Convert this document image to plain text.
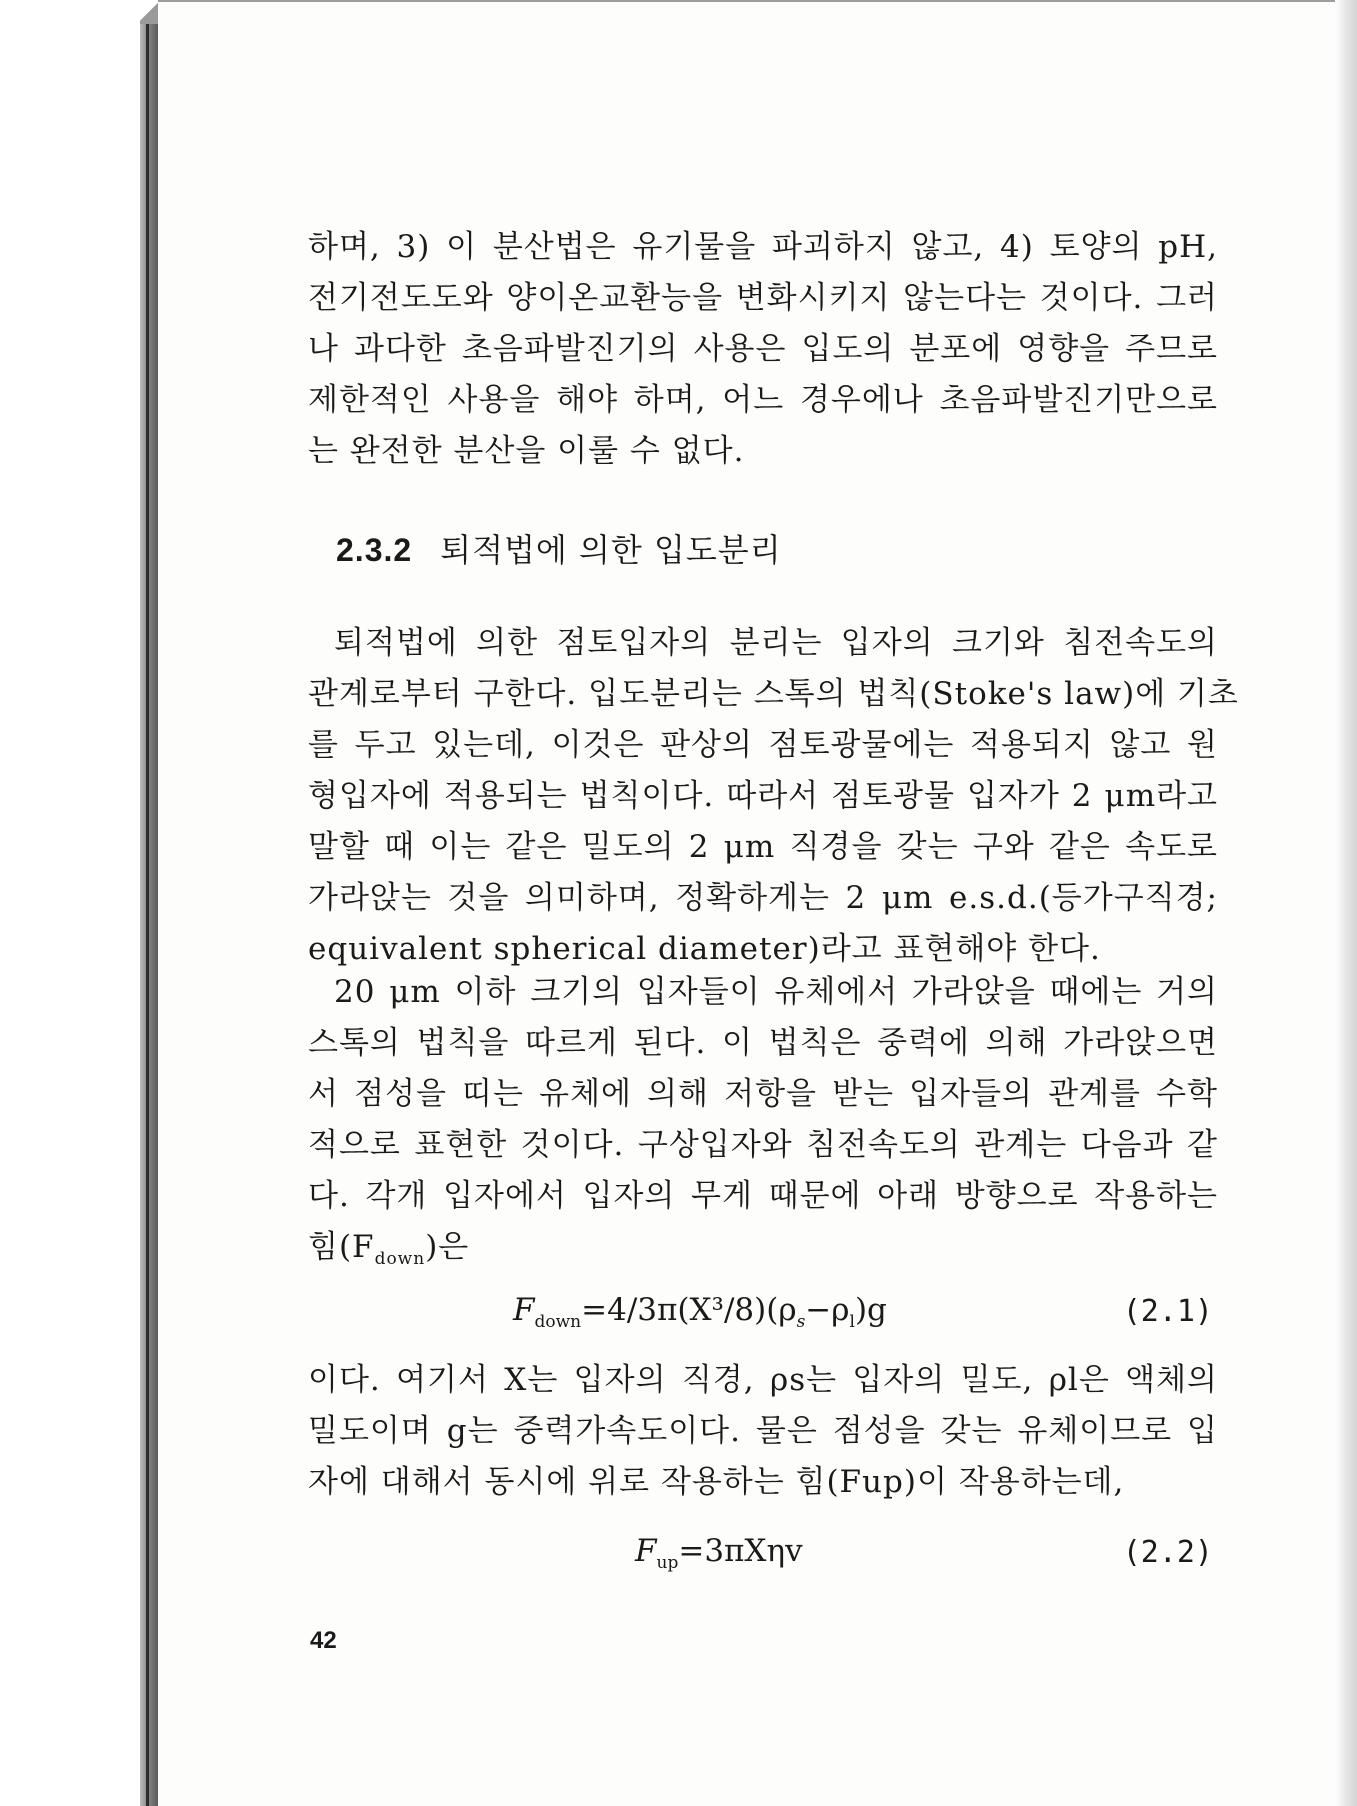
하며, 3) 이 분산법은 유기물을 파괴하지 않고, 4) 토양의 pH,
전기전도도와 양이온교환능을 변화시키지 않는다는 것이다. 그러
나 과다한 초음파발진기의 사용은 입도의 분포에 영향을 주므로
제한적인 사용을 해야 하며, 어느 경우에나 초음파발진기만으로
는 완전한 분산을 이룰 수 없다.
2.3.2 퇴적법에 의한 입도분리
퇴적법에 의한 점토입자의 분리는 입자의 크기와 침전속도의
관계로부터 구한다. 입도분리는 스톡의 법칙(Stoke's law)에 기초
를 두고 있는데, 이것은 판상의 점토광물에는 적용되지 않고 원
형입자에 적용되는 법칙이다. 따라서 점토광물 입자가 2 μm라고
말할 때 이는 같은 밀도의 2 μm 직경을 갖는 구와 같은 속도로
가라앉는 것을 의미하며, 정확하게는 2 μm e.s.d.(등가구직경;
equivalent spherical diameter)라고 표현해야 한다.
20 μm 이하 크기의 입자들이 유체에서 가라앉을 때에는 거의
스톡의 법칙을 따르게 된다. 이 법칙은 중력에 의해 가라앉으면
서 점성을 띠는 유체에 의해 저항을 받는 입자들의 관계를 수학
적으로 표현한 것이다. 구상입자와 침전속도의 관계는 다음과 같
다. 각개 입자에서 입자의 무게 때문에 아래 방향으로 작용하는
힘$(F_{down})$은
$F_{down}=4/3\pi(X^3/8)(\rho_s-\rho_l)g$	(2.1)
이다. 여기서 X는 입자의 직경, ρs는 입자의 밀도, ρl은 액체의
밀도이며 g는 중력가속도이다. 물은 점성을 갖는 유체이므로 입
자에 대해서 동시에 위로 작용하는 힘(Fup)이 작용하는데,
$F_{up}=3\pi X\eta v$	(2.2)
42
